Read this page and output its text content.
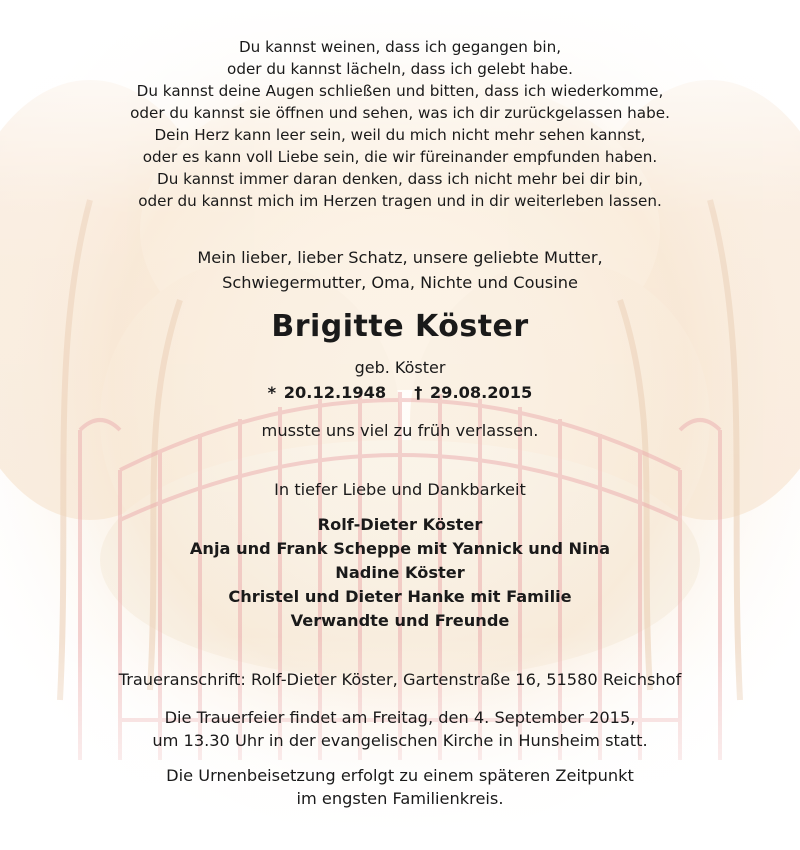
Du kannst weinen, dass ich gegangen bin,
oder du kannst lächeln, dass ich gelebt habe.
Du kannst deine Augen schließen und bitten, dass ich wiederkomme,
oder du kannst sie öffnen und sehen, was ich dir zurückgelassen habe.
Dein Herz kann leer sein, weil du mich nicht mehr sehen kannst,
oder es kann voll Liebe sein, die wir füreinander empfunden haben.
Du kannst immer daran denken, dass ich nicht mehr bei dir bin,
oder du kannst mich im Herzen tragen und in dir weiterleben lassen.
Mein lieber, lieber Schatz, unsere geliebte Mutter,
Schwiegermutter, Oma, Nichte und Cousine
Brigitte Köster
geb. Köster
* 20.12.1948 † 29.08.2015
musste uns viel zu früh verlassen.
In tiefer Liebe und Dankbarkeit
Rolf-Dieter Köster
Anja und Frank Scheppe mit Yannick und Nina
Nadine Köster
Christel und Dieter Hanke mit Familie
Verwandte und Freunde
Traueranschrift: Rolf-Dieter Köster, Gartenstraße 16, 51580 Reichshof
Die Trauerfeier findet am Freitag, den 4. September 2015,
um 13.30 Uhr in der evangelischen Kirche in Hunsheim statt.
Die Urnenbeisetzung erfolgt zu einem späteren Zeitpunkt
im engsten Familienkreis.
